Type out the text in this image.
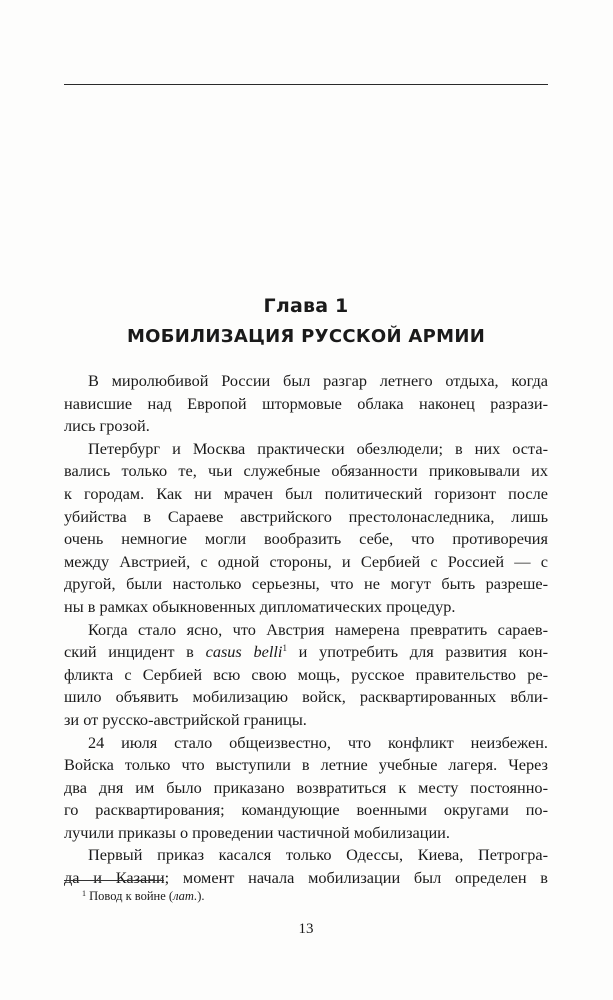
Глава 1
МОБИЛИЗАЦИЯ РУССКОЙ АРМИИ

В миролюбивой России был разгар летнего отдыха, когда
нависшие над Европой штормовые облака наконец разрази-
лись грозой.

Петербург и Москва практически обезлюдели; в них оста-
вались только те, чьи служебные обязанности приковывали их
к городам. Как ни мрачен был политический горизонт после
убийства в Сараеве австрийского престолонаследника, лишь
очень немногие могли вообразить себе, что противоречия
между Австрией, с одной стороны, и Сербией с Россией — с
другой, были настолько серьезны, что не могут быть разреше-
ны в рамках обыкновенных дипломатических процедур.

Когда стало ясно, что Австрия намерена превратить сараев-
ский инцидент в casus belli$^1$ и употребить для развития кон-
фликта с Сербией всю свою мощь, русское правительство ре-
шило объявить мобилизацию войск, расквартированных вбли-
зи от русско-австрийской границы.

24 июля стало общеизвестно, что конфликт неизбежен.
Войска только что выступили в летние учебные лагеря. Через
два дня им было приказано возвратиться к месту постоянно-
го расквартирования; командующие военными округами по-
лучили приказы о проведении частичной мобилизации.

Первый приказ касался только Одессы, Киева, Петрогра-
да и Казани; момент начала мобилизации был определен в

$^1$ Повод к войне (лат.).
13
